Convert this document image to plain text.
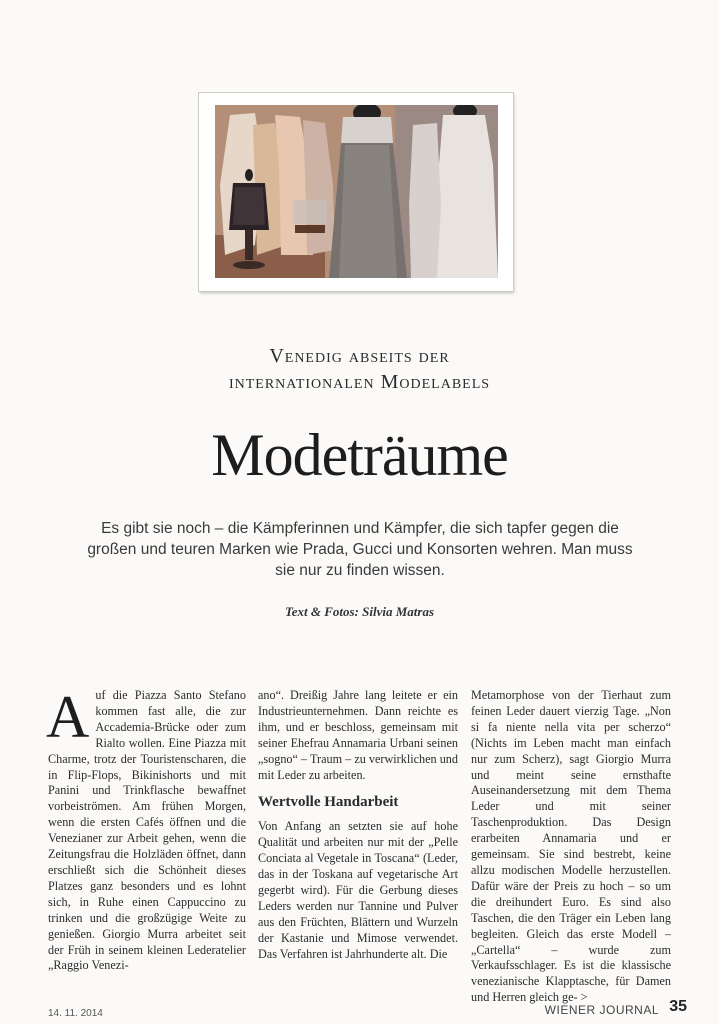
Venedig abseits der
internationalen Modelabels
Modeträume
Es gibt sie noch – die Kämpferinnen und Kämpfer, die sich tapfer gegen die großen und teuren Marken wie Prada, Gucci und Konsorten wehren. Man muss sie nur zu finden wissen.
Text & Fotos: Silvia Matras
A uf die Piazza Santo Stefano kommen fast alle, die zur Accademia-Brücke oder zum Rialto wollen. Eine Piazza mit Charme, trotz der Touristenscharen, die in Flip-Flops, Bikinishorts und mit Panini und Trinkflasche bewaffnet vorbeiströmen. Am frühen Morgen, wenn die ersten Cafés öffnen und die Venezianer zur Arbeit gehen, wenn die Zeitungsfrau die Holzläden öffnet, dann erschließt sich die Schönheit dieses Platzes ganz besonders und es lohnt sich, in Ruhe einen Cappuccino zu trinken und die großzügige Weite zu genießen. Giorgio Murra arbeitet seit der Früh in seinem kleinen Lederatelier „Raggio Venezi-

ano“. Dreißig Jahre lang leitete er ein Industrieunternehmen. Dann reichte es ihm, und er beschloss, gemeinsam mit seiner Ehefrau Annamaria Urbani seinen „sogno“ – Traum – zu verwirklichen und mit Leder zu arbeiten.

Wertvolle Handarbeit

Von Anfang an setzten sie auf hohe Qualität und arbeiten nur mit der „Pelle Conciata al Vegetale in Toscana“ (Leder, das in der Toskana auf vegetarische Art gegerbt wird). Für die Gerbung dieses Leders werden nur Tannine und Pulver aus den Früchten, Blättern und Wurzeln der Kastanie und Mimose verwendet. Das Verfahren ist Jahrhunderte alt. Die

Metamorphose von der Tierhaut zum feinen Leder dauert vierzig Tage. „Non si fa niente nella vita per scherzo“ (Nichts im Leben macht man einfach nur zum Scherz), sagt Giorgio Murra und meint seine ernsthafte Auseinandersetzung mit dem Thema Leder und mit seiner Taschenproduktion. Das Design erarbeiten Annamaria und er gemeinsam. Sie sind bestrebt, keine allzu modischen Modelle herzustellen. Dafür wäre der Preis zu hoch – so um die dreihundert Euro. Es sind also Taschen, die den Träger ein Leben lang begleiten. Gleich das erste Modell – „Cartella“ – wurde zum Verkaufsschlager. Es ist die klassische venezianische Klapptasche, für Damen und Herren gleich ge- >

14. 11. 2014	WIENER JOURNAL 35
